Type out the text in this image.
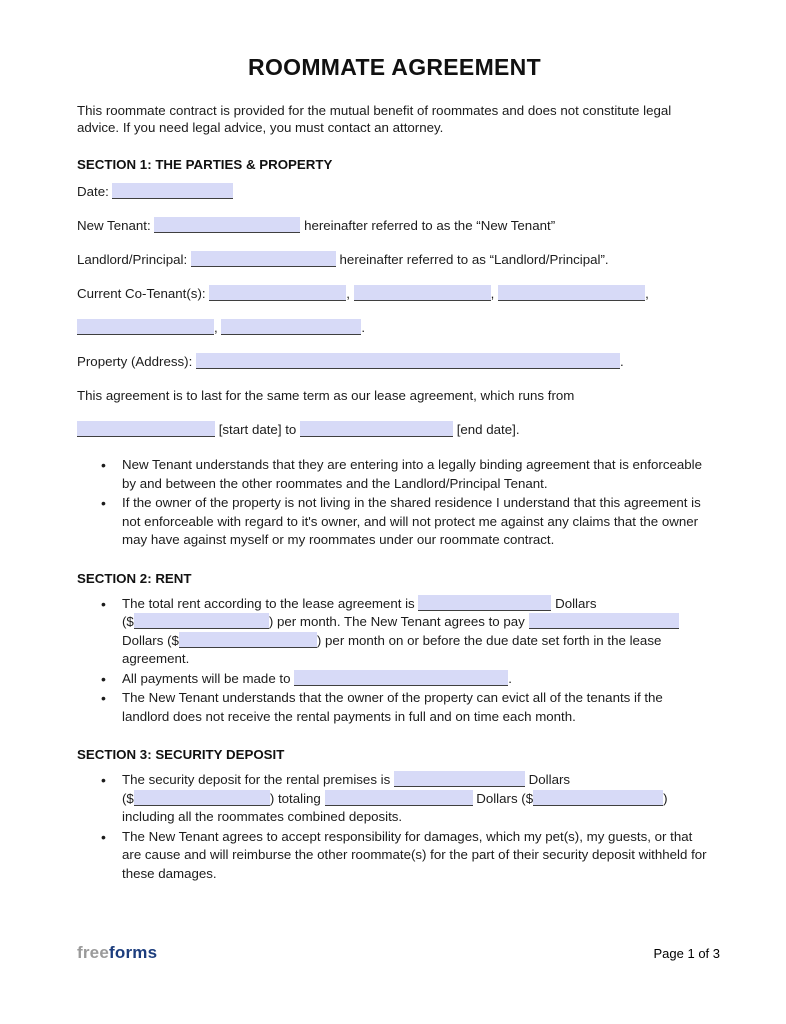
ROOMMATE AGREEMENT

This roommate contract is provided for the mutual benefit of roommates and does not constitute legal advice. If you need legal advice, you must contact an attorney.

SECTION 1: THE PARTIES & PROPERTY

Date:

New Tenant:	hereinafter referred to as the “New Tenant”

Landlord/Principal:	hereinafter referred to as “Landlord/Principal”.

Current Co-Tenant(s):	,	,	,
,	.

Property (Address):	.

This agreement is to last for the same term as our lease agreement, which runs from
[start date] to	[end date].

• New Tenant understands that they are entering into a legally binding agreement that is enforceable by and between the other roommates and the Landlord/Principal Tenant.
• If the owner of the property is not living in the shared residence I understand that this agreement is not enforceable with regard to it's owner, and will not protect me against any claims that the owner may have against myself or my roommates under our roommate contract.
SECTION 2: RENT
• The total rent according to the lease agreement is	Dollars
($	) per month. The New Tenant agrees to pay
Dollars ($	) per month on or before the due date set forth in the lease agreement.
• All payments will be made to	.
• The New Tenant understands that the owner of the property can evict all of the tenants if the landlord does not receive the rental payments in full and on time each month.
SECTION 3: SECURITY DEPOSIT
• The security deposit for the rental premises is	Dollars
($	) totaling	Dollars ($	)
including all the roommates combined deposits.
• The New Tenant agrees to accept responsibility for damages, which my pet(s), my guests, or that are cause and will reimburse the other roommate(s) for the part of their security deposit withheld for these damages.
freeforms	Page 1 of 3
